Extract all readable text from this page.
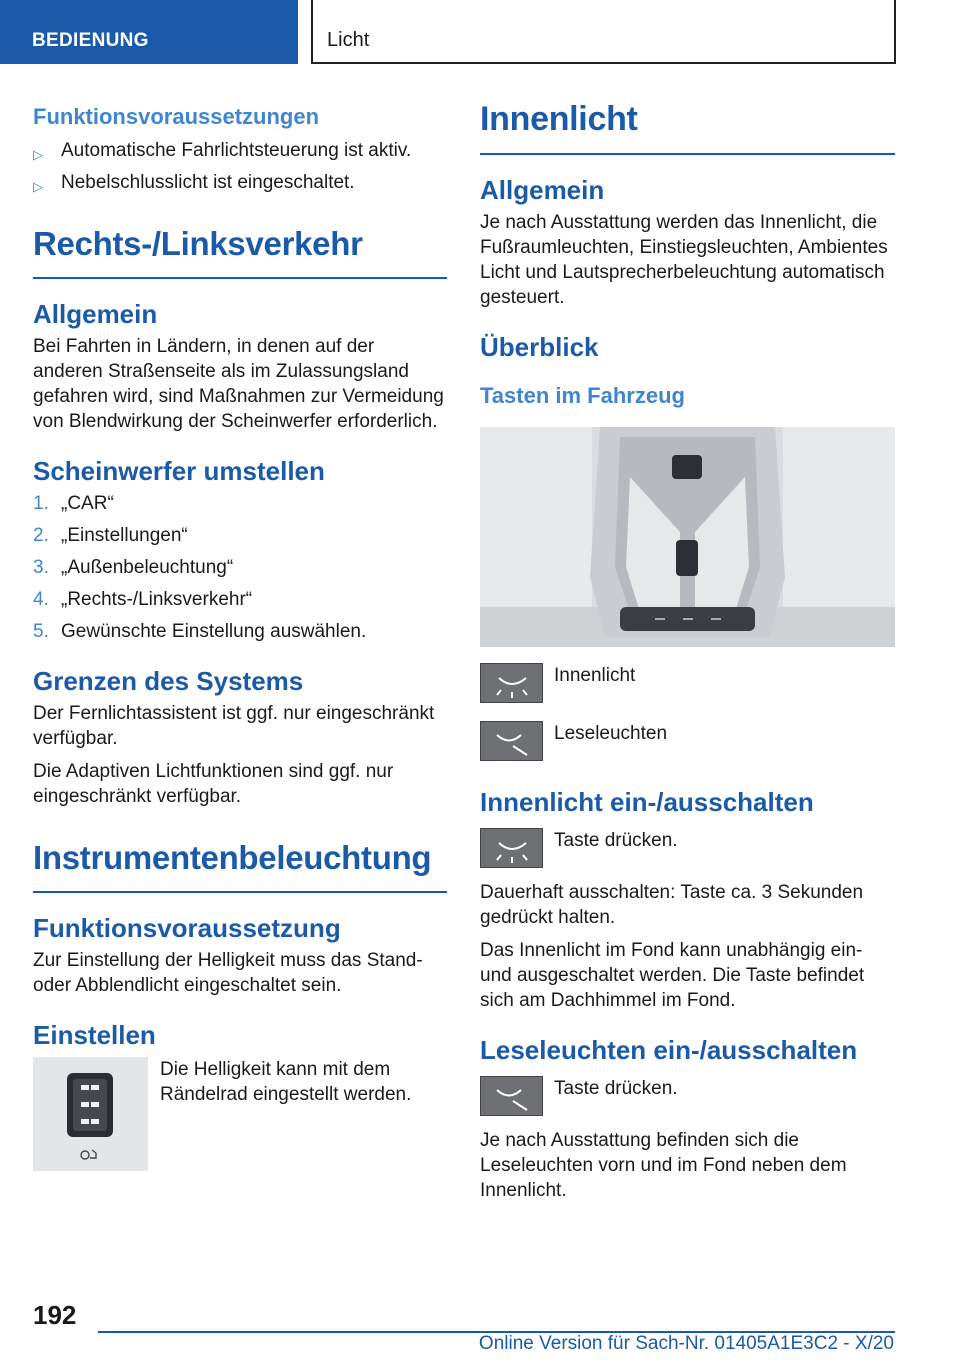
BEDIENUNG	Licht
Funktionsvoraussetzungen
▷ Automatische Fahrlichtsteuerung ist aktiv.
▷ Nebelschlusslicht ist eingeschaltet.
Rechts-/Linksverkehr
Allgemein
Bei Fahrten in Ländern, in denen auf der anderen Straßenseite als im Zulassungsland gefahren wird, sind Maßnahmen zur Vermeidung von Blendwirkung der Scheinwerfer erforderlich.
Scheinwerfer umstellen
1. „CAR“
2. „Einstellungen“
3. „Außenbeleuchtung“
4. „Rechts-/Linksverkehr“
5. Gewünschte Einstellung auswählen.
Grenzen des Systems
Der Fernlichtassistent ist ggf. nur eingeschränkt verfügbar.
Die Adaptiven Lichtfunktionen sind ggf. nur eingeschränkt verfügbar.
Instrumentenbeleuchtung
Funktionsvoraussetzung
Zur Einstellung der Helligkeit muss das Stand- oder Abblendlicht eingeschaltet sein.
Einstellen
Die Helligkeit kann mit dem Rändelrad eingestellt werden.
Innenlicht
Allgemein
Je nach Ausstattung werden das Innenlicht, die Fußraumleuchten, Einstiegsleuchten, Ambientes Licht und Lautsprecherbeleuchtung automatisch gesteuert.
Überblick
Tasten im Fahrzeug
Innenlicht
Leseleuchten
Innenlicht ein-/ausschalten
Taste drücken.
Dauerhaft ausschalten: Taste ca. 3 Sekunden gedrückt halten.
Das Innenlicht im Fond kann unabhängig ein- und ausgeschaltet werden. Die Taste befindet sich am Dachhimmel im Fond.
Leseleuchten ein-/ausschalten
Taste drücken.
Je nach Ausstattung befinden sich die Leseleuchten vorn und im Fond neben dem Innenlicht.
192
Online Version für Sach-Nr. 01405A1E3C2 - X/20
